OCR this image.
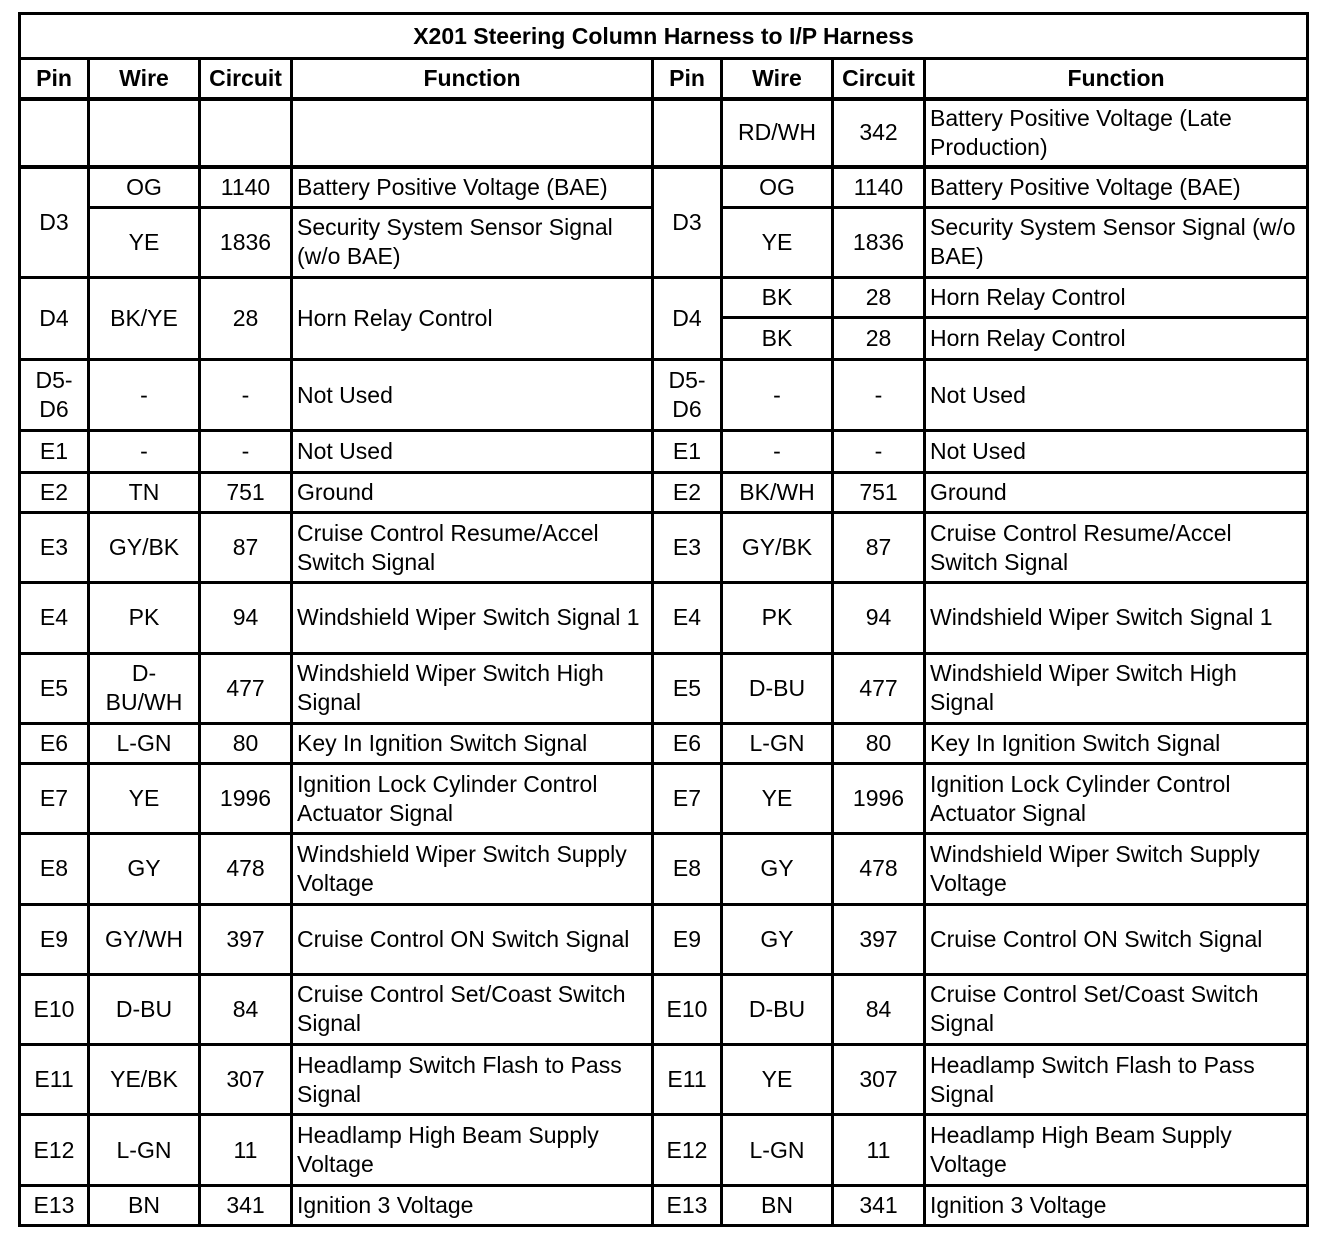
X201 Steering Column Harness to I/P Harness							
Pin	Wire	Circuit	Function	Pin	Wire	Circuit	Function
					RD/WH	342	Battery Positive Voltage (Late Production)
D3	OG	1140	Battery Positive Voltage (BAE)	D3	OG	1140	Battery Positive Voltage (BAE)
	YE	1836	Security System Sensor Signal (w/o BAE)		YE	1836	Security System Sensor Signal (w/o BAE)
D4	BK/YE	28	Horn Relay Control	D4	BK	28	Horn Relay Control
					BK	28	Horn Relay Control
D5-D6	-	-	Not Used	D5-D6	-	-	Not Used
E1	-	-	Not Used	E1	-	-	Not Used
E2	TN	751	Ground	E2	BK/WH	751	Ground
E3	GY/BK	87	Cruise Control Resume/Accel Switch Signal	E3	GY/BK	87	Cruise Control Resume/Accel Switch Signal
E4	PK	94	Windshield Wiper Switch Signal 1	E4	PK	94	Windshield Wiper Switch Signal 1
E5	D-BU/WH	477	Windshield Wiper Switch High Signal	E5	D-BU	477	Windshield Wiper Switch High Signal
E6	L-GN	80	Key In Ignition Switch Signal	E6	L-GN	80	Key In Ignition Switch Signal
E7	YE	1996	Ignition Lock Cylinder Control Actuator Signal	E7	YE	1996	Ignition Lock Cylinder Control Actuator Signal
E8	GY	478	Windshield Wiper Switch Supply Voltage	E8	GY	478	Windshield Wiper Switch Supply Voltage
E9	GY/WH	397	Cruise Control ON Switch Signal	E9	GY	397	Cruise Control ON Switch Signal
E10	D-BU	84	Cruise Control Set/Coast Switch Signal	E10	D-BU	84	Cruise Control Set/Coast Switch Signal
E11	YE/BK	307	Headlamp Switch Flash to Pass Signal	E11	YE	307	Headlamp Switch Flash to Pass Signal
E12	L-GN	11	Headlamp High Beam Supply Voltage	E12	L-GN	11	Headlamp High Beam Supply Voltage
E13	BN	341	Ignition 3 Voltage	E13	BN	341	Ignition 3 Voltage
